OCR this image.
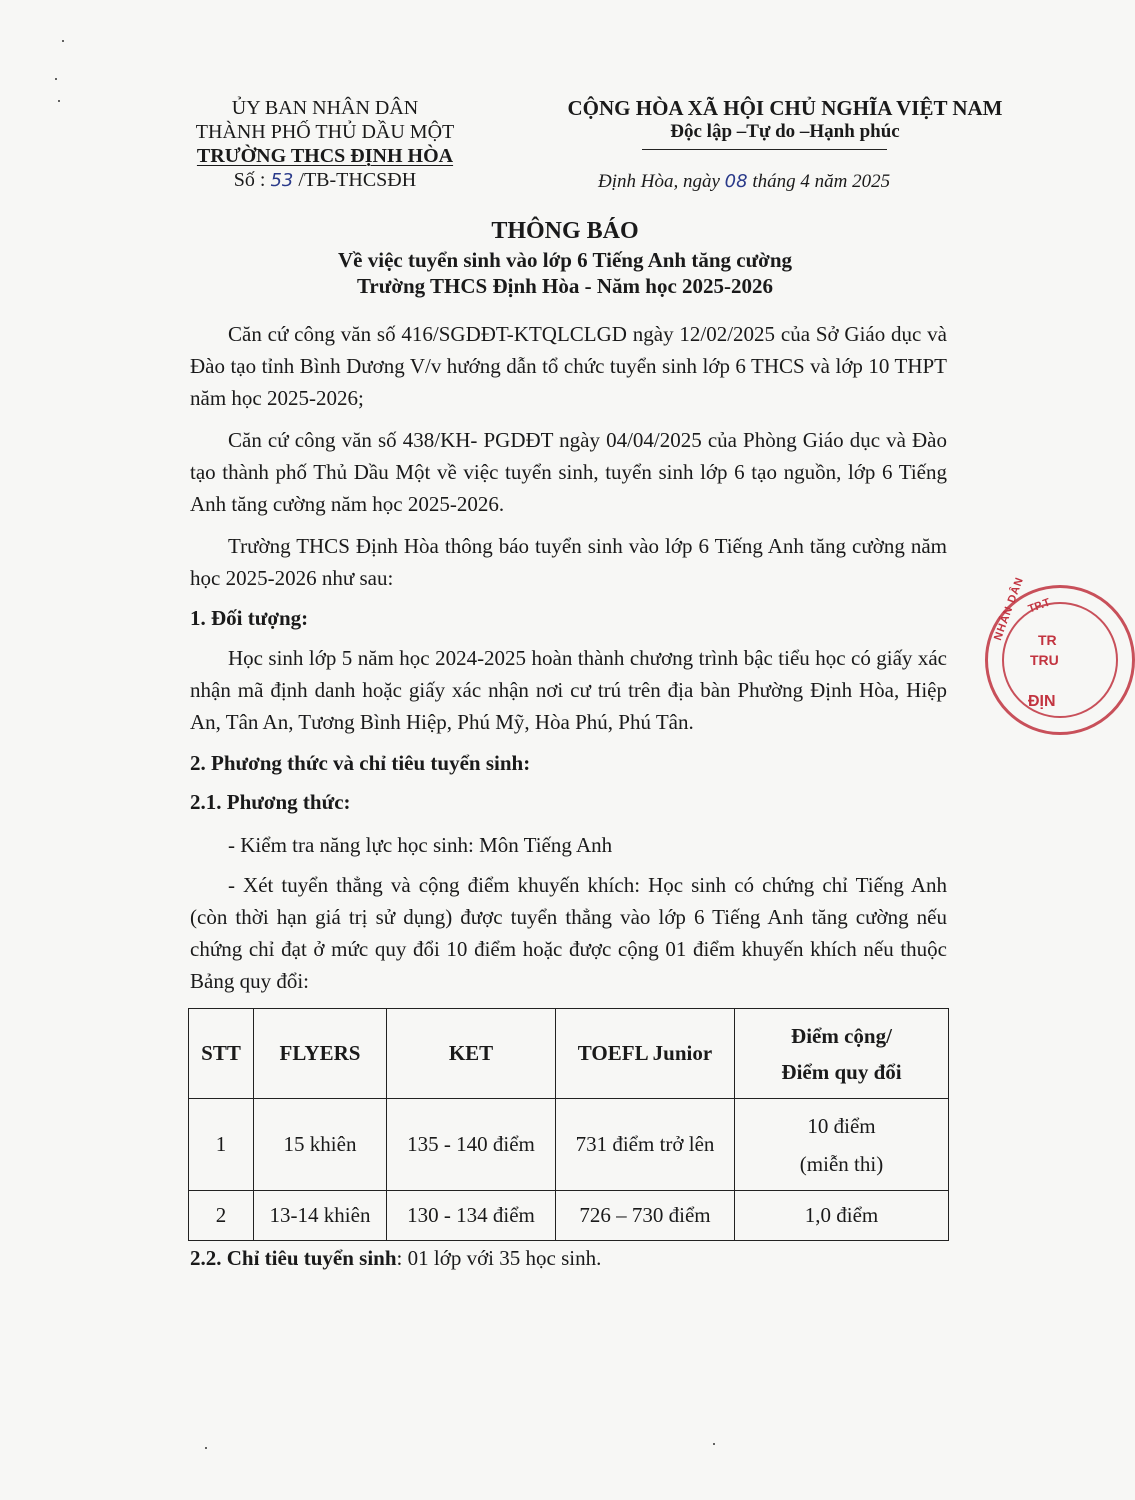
ỦY BAN NHÂN DÂN
THÀNH PHỐ THỦ DẦU MỘT
TRƯỜNG THCS ĐỊNH HÒA
Số : 53 /TB-THCSĐH
CỘNG HÒA XÃ HỘI CHỦ NGHĨA VIỆT NAM
Độc lập –Tự do –Hạnh phúc
Định Hòa, ngày 08 tháng 4 năm 2025
THÔNG BÁO
Về việc tuyển sinh vào lớp 6 Tiếng Anh tăng cường
Trường THCS Định Hòa - Năm học 2025-2026
Căn cứ công văn số 416/SGDĐT-KTQLCLGD ngày 12/02/2025 của Sở Giáo dục và Đào tạo tỉnh Bình Dương V/v hướng dẫn tổ chức tuyển sinh lớp 6 THCS và lớp 10 THPT năm học 2025-2026;
Căn cứ công văn số 438/KH- PGDĐT ngày 04/04/2025 của Phòng Giáo dục và Đào tạo thành phố Thủ Dầu Một về việc tuyển sinh, tuyển sinh lớp 6 tạo nguồn, lớp 6 Tiếng Anh tăng cường năm học 2025-2026.
Trường THCS Định Hòa thông báo tuyển sinh vào lớp 6 Tiếng Anh tăng cường năm học 2025-2026 như sau:
1. Đối tượng:
Học sinh lớp 5 năm học 2024-2025 hoàn thành chương trình bậc tiểu học có giấy xác nhận mã định danh hoặc giấy xác nhận nơi cư trú trên địa bàn Phường Định Hòa, Hiệp An, Tân An, Tương Bình Hiệp, Phú Mỹ, Hòa Phú, Phú Tân.
2. Phương thức và chỉ tiêu tuyển sinh:
2.1. Phương thức:
- Kiểm tra năng lực học sinh: Môn Tiếng Anh
- Xét tuyển thẳng và cộng điểm khuyến khích: Học sinh có chứng chỉ Tiếng Anh (còn thời hạn giá trị sử dụng) được tuyển thẳng vào lớp 6 Tiếng Anh tăng cường nếu chứng chỉ đạt ở mức quy đổi 10 điểm hoặc được cộng 01 điểm khuyến khích nếu thuộc Bảng quy đổi:
STT	FLYERS	KET	TOEFL Junior	Điểm cộng/
Điểm quy đổi

1	15 khiên	135 - 140 điểm	731 điểm trở lên	10 điểm
(miễn thi)

2	13-14 khiên	130 - 134 điểm	726 – 730 điểm	1,0 điểm
2.2. Chỉ tiêu tuyển sinh: 01 lớp với 35 học sinh.
NHÂN DÂN TP.T
TR
TRU
ĐỊN
